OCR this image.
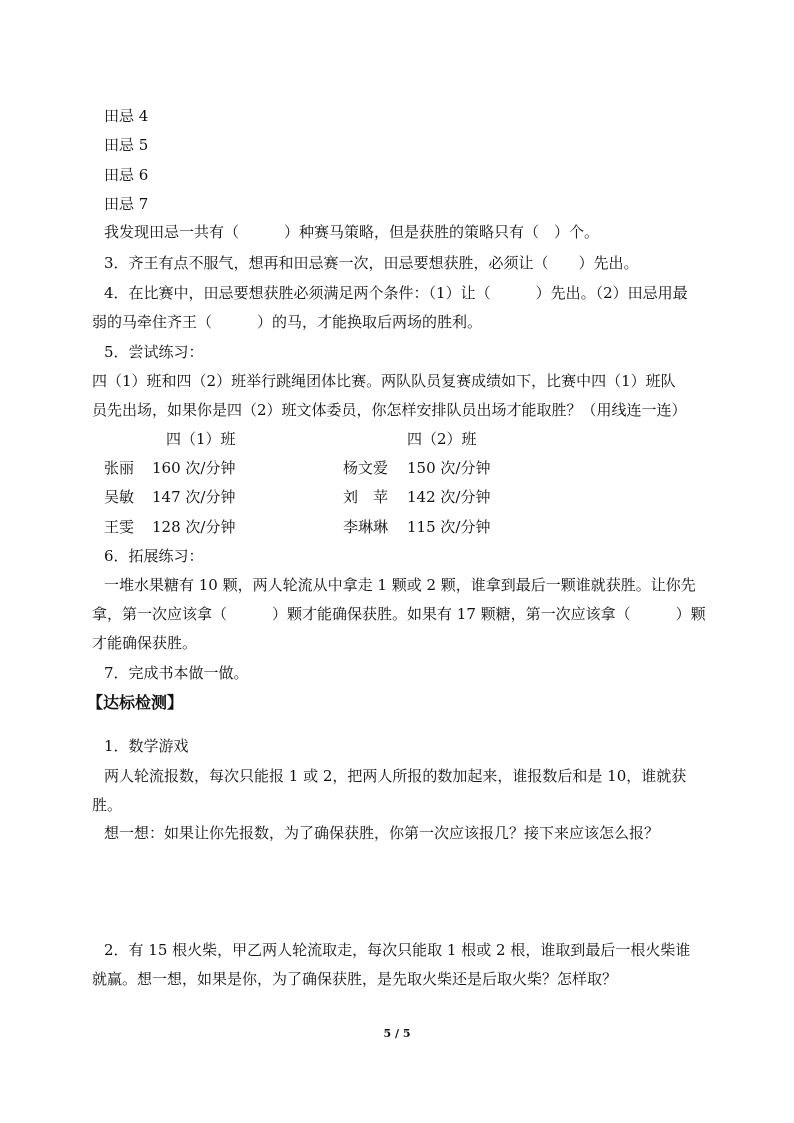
田忌 4
田忌 5
田忌 6
田忌 7
我发现田忌一共有（　　　）种赛马策略，但是获胜的策略只有（　）个。
3．齐王有点不服气，想再和田忌赛一次，田忌要想获胜，必须让（　　）先出。
4．在比赛中，田忌要想获胜必须满足两个条件：（1）让（　　　）先出。（2）田忌用最
弱的马牵住齐王（　　　）的马，才能换取后两场的胜利。
5．尝试练习：
四（1）班和四（2）班举行跳绳团体比赛。两队队员复赛成绩如下，比赛中四（1）班队
员先出场，如果你是四（2）班文体委员，你怎样安排队员出场才能取胜？（用线连一连）
四（1）班	四（2）班
张丽 160 次/分钟	杨文爱 150 次/分钟
吴敏 147 次/分钟	刘　苹 142 次/分钟
王雯 128 次/分钟	李琳琳 115 次/分钟
6．拓展练习：
一堆水果糖有 10 颗，两人轮流从中拿走 1 颗或 2 颗，谁拿到最后一颗谁就获胜。让你先
拿，第一次应该拿（　　　）颗才能确保获胜。如果有 17 颗糖，第一次应该拿（　　　）颗
才能确保获胜。
7．完成书本做一做。
【达标检测】
1．数学游戏
两人轮流报数，每次只能报 1 或 2，把两人所报的数加起来，谁报数后和是 10，谁就获
胜。
想一想：如果让你先报数，为了确保获胜，你第一次应该报几？接下来应该怎么报？
2．有 15 根火柴，甲乙两人轮流取走，每次只能取 1 根或 2 根，谁取到最后一根火柴谁
就赢。想一想，如果是你，为了确保获胜，是先取火柴还是后取火柴？怎样取？
5 / 5
